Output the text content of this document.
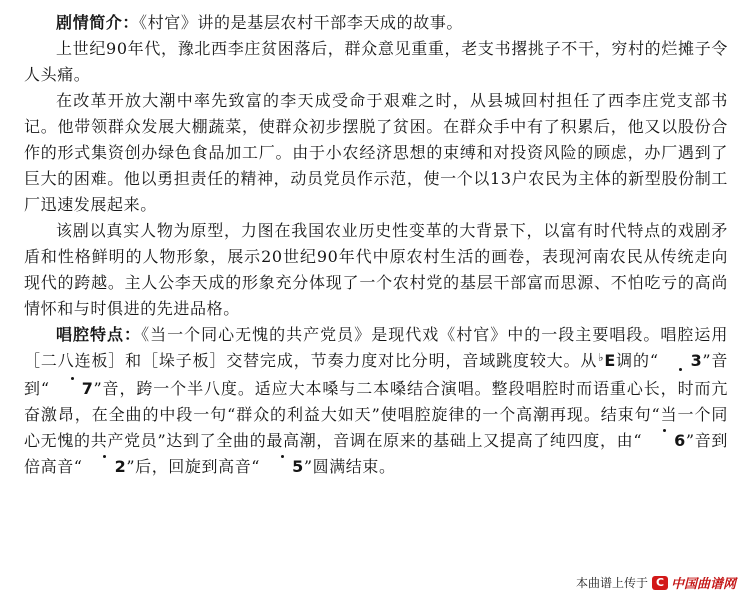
剧情简介：《村官》讲的是基层农村干部李天成的故事。

上世纪90年代，豫北西李庄贫困落后，群众意见重重，老支书撂挑子不干，穷村的烂摊子令人头痛。

在改革开放大潮中率先致富的李天成受命于艰难之时，从县城回村担任了西李庄党支部书记。他带领群众发展大棚蔬菜，使群众初步摆脱了贫困。在群众手中有了积累后，他又以股份合作的形式集资创办绿色食品加工厂。由于小农经济思想的束缚和对投资风险的顾虑，办厂遇到了巨大的困难。他以勇担责任的精神，动员党员作示范，使一个以13户农民为主体的新型股份制工厂迅速发展起来。

该剧以真实人物为原型，力图在我国农业历史性变革的大背景下，以富有时代特点的戏剧矛盾和性格鲜明的人物形象，展示20世纪90年代中原农村生活的画卷，表现河南农民从传统走向现代的跨越。主人公李天成的形象充分体现了一个农村党的基层干部富而思源、不怕吃亏的高尚情怀和与时俱进的先进品格。

唱腔特点：《当一个同心无愧的共产党员》是现代戏《村官》中的一段主要唱段。唱腔运用［二八连板］和［垛子板］交替完成，节奏力度对比分明，音域跳度较大。从♭E调的“ 3”音到“ 7”音，跨一个半八度。适应大本嗓与二本嗓结合演唱。整段唱腔时而语重心长，时而亢奋激昂，在全曲的中段一句“群众的利益大如天”使唱腔旋律的一个高潮再现。结束句“当一个同心无愧的共产党员”达到了全曲的最高潮，音调在原来的基础上又提高了纯四度，由“ 6”音到倍高音“ 2”后，回旋到高音“ 5”圆满结束。

本曲谱上传于 C 中国曲谱网
